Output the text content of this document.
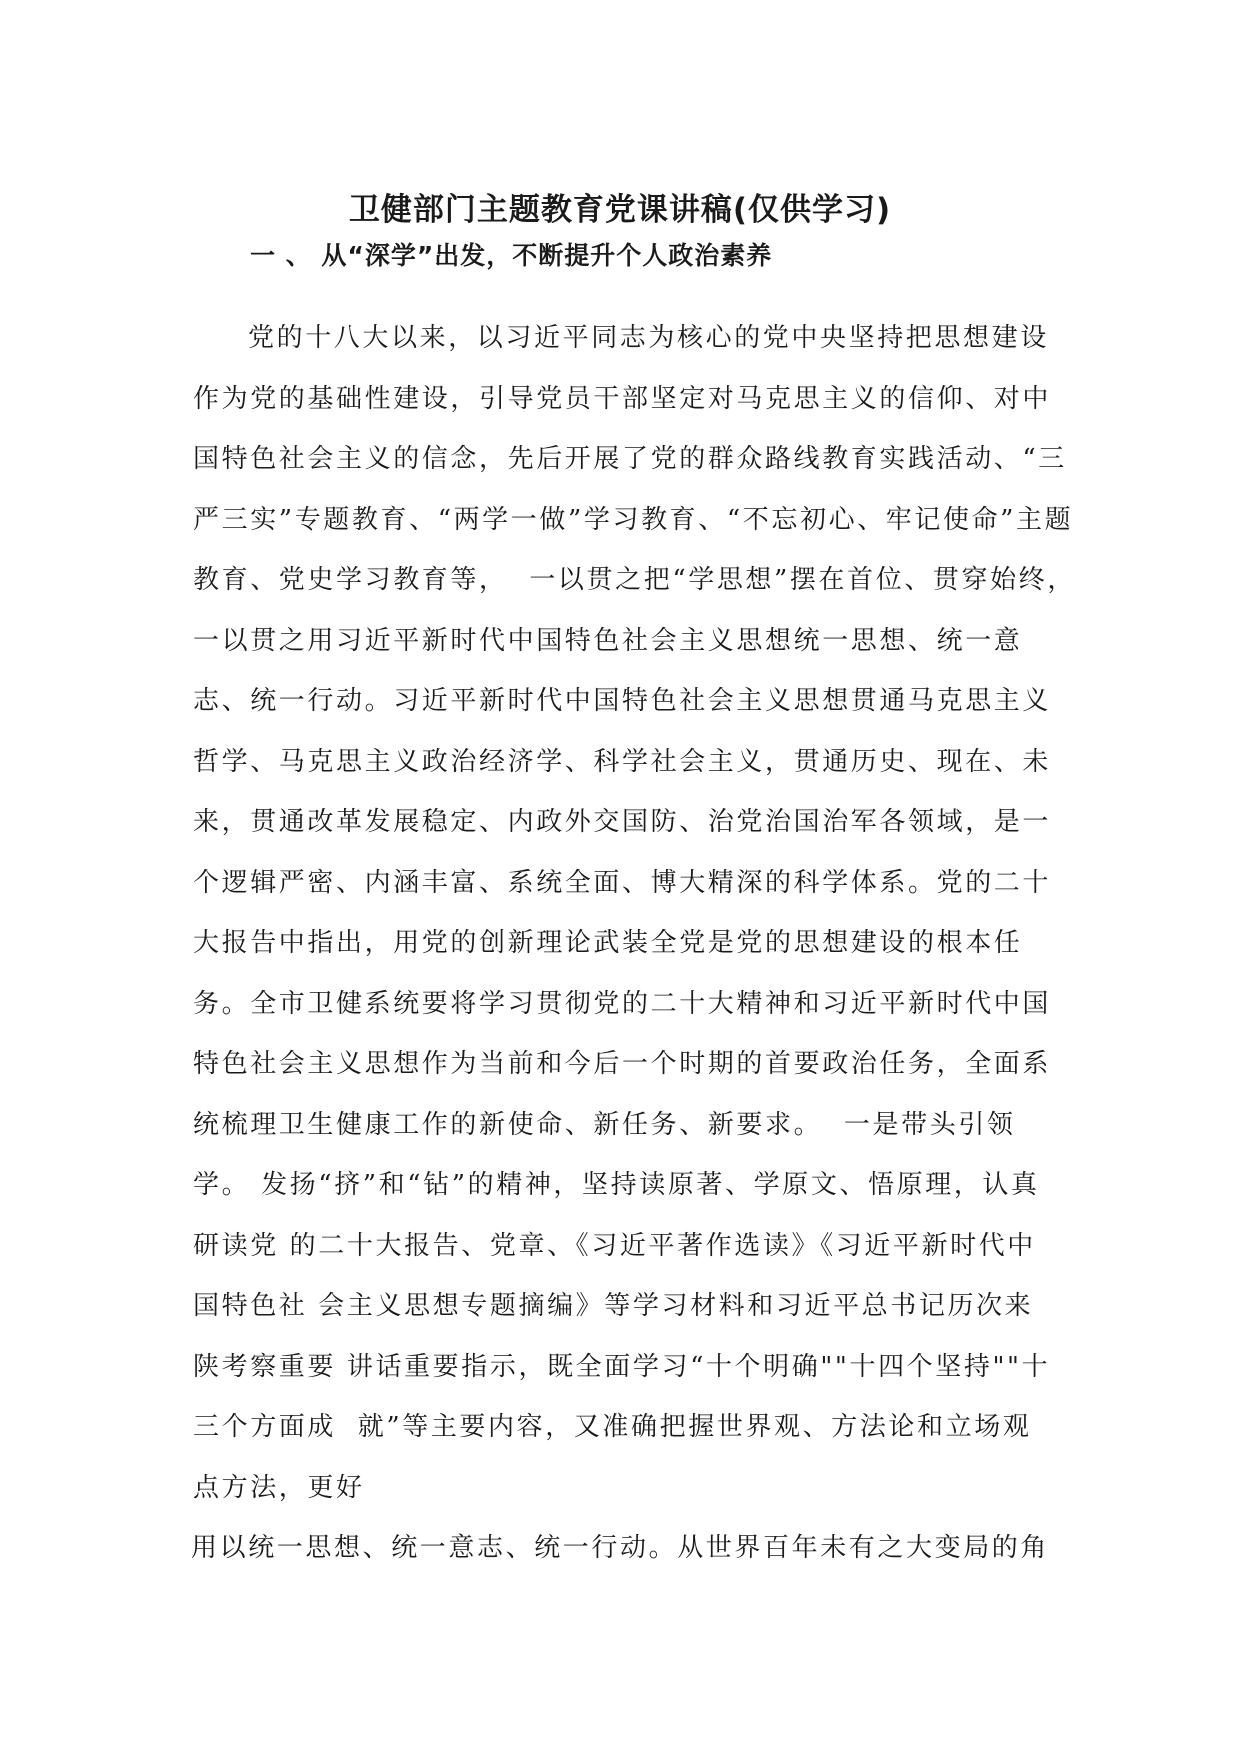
卫健部门主题教育党课讲稿(仅供学习)
一 、 从“深学”出发，不断提升个人政治素养
党的十八大以来，以习近平同志为核心的党中央坚持把思想建设
作为党的基础性建设，引导党员干部坚定对马克思主义的信仰、对中
国特色社会主义的信念，先后开展了党的群众路线教育实践活动、“三
严三实”专题教育、“两学一做”学习教育、“不忘初心、牢记使命”主题
教育、党史学习教育等，  一以贯之把“学思想”摆在首位、贯穿始终，
一以贯之用习近平新时代中国特色社会主义思想统一思想、统一意
志、统一行动。习近平新时代中国特色社会主义思想贯通马克思主义
哲学、马克思主义政治经济学、科学社会主义，贯通历史、现在、未
来，贯通改革发展稳定、内政外交国防、治党治国治军各领域，是一
个逻辑严密、内涵丰富、系统全面、博大精深的科学体系。党的二十
大报告中指出，用党的创新理论武装全党是党的思想建设的根本任
务。全市卫健系统要将学习贯彻党的二十大精神和习近平新时代中国
特色社会主义思想作为当前和今后一个时期的首要政治任务，全面系
统梳理卫生健康工作的新使命、新任务、新要求。  一是带头引领
学。 发扬“挤”和“钻”的精神，坚持读原著、学原文、悟原理，认真
研读党 的二十大报告、党章、《习近平著作选读》《习近平新时代中
国特色社 会主义思想专题摘编》等学习材料和习近平总书记历次来
陕考察重要 讲话重要指示，既全面学习“十个明确""十四个坚持""十
三个方面成  就”等主要内容，又准确把握世界观、方法论和立场观
点方法，更好
用以统一思想、统一意志、统一行动。从世界百年未有之大变局的角
